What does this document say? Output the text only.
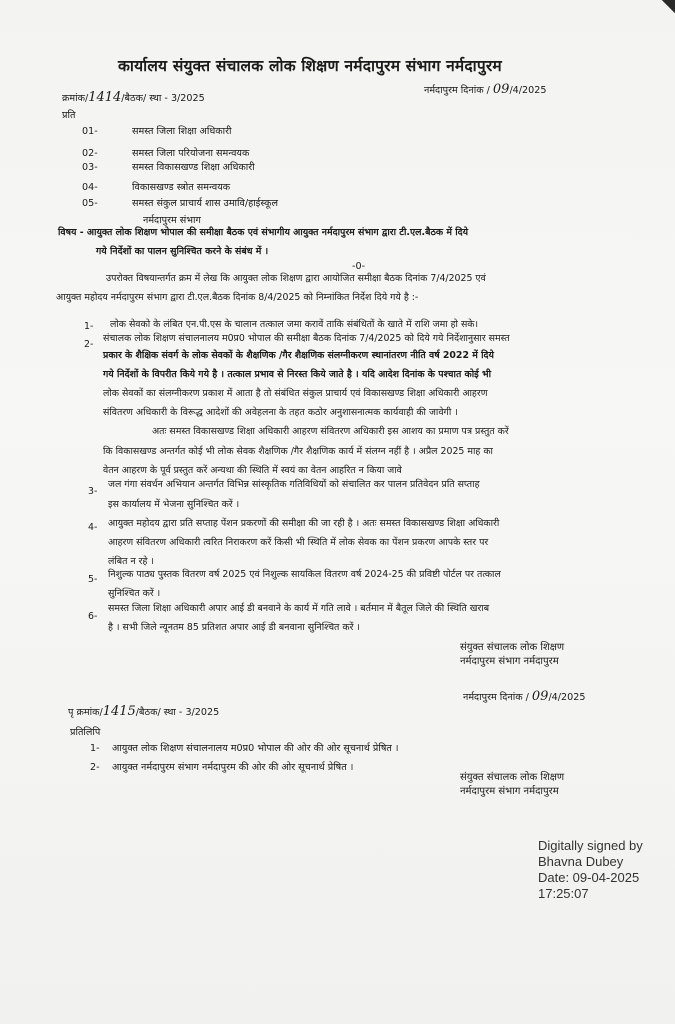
कार्यालय संयुक्त संचालक लोक शिक्षण नर्मदापुरम संभाग नर्मदापुरम
क्रमांक/1414/बैठक/ स्था - 3/2025
नर्मदापुरम दिनांक / 09/4/2025
प्रति
01-	समस्त जिला शिक्षा अधिकारी
02-	समस्त जिला परियोजना समन्वयक
03-	समस्त विकासखण्ड शिक्षा अधिकारी
04-	विकासखण्ड स्त्रोत समन्वयक
05-	समस्त संकुल प्राचार्य शास उमावि/हाईस्कूल
नर्मदापुरम संभाग
विषय - आयुक्त लोक शिक्षण भोपाल की समीक्षा बैठक एवं संभागीय आयुक्त नर्मदापुरम संभाग द्वारा टी.एल.बैठक में दिये
गये निर्देशों का पालन सुनिश्चित करने के संबंध में ।
-0-
उपरोक्त विषयान्तर्गत क्रम में लेख कि आयुक्त लोक शिक्षण द्वारा आयोजित समीक्षा बैठक दिनांक 7/4/2025 एवं
आयुक्त महोदय नर्मदापुरम संभाग द्वारा टी.एल.बैठक दिनांक 8/4/2025 को निम्नांकित निर्देश दिये गये है :-
1- लोक सेवको के लंबित एन.पी.एस के चालान तत्काल जमा करावें ताकि संबंधितों के खाते में राशि जमा हो सके।
2-
संचालक लोक शिक्षण संचालनालय म0प्र0 भोपाल की समीक्षा बैठक दिनांक 7/4/2025 को दिये गये निर्देशानुसार समस्त
प्रकार के शैक्षिक संवर्ग के लोक सेवकों के शैक्षणिक /गैर शैक्षणिक संलग्नीकरण स्थानांतरण नीति वर्ष 2022 में दिये
गये निर्देशों के विपरीत किये गये है । तत्काल प्रभाव से निरस्त किये जाते है । यदि आदेश दिनांक के पश्चात कोई भी
लोक सेवकों का संलग्नीकरण प्रकाश में आता है तो संबंधित संकुल प्राचार्य एवं विकासखण्ड शिक्षा अधिकारी आहरण
संवितरण अधिकारी के विरूद्ध आदेशों की अवेहलना के तहत कठोर अनुशासनात्मक कार्यवाही की जावेगी ।
अतः समस्त विकासखण्ड शिक्षा अधिकारी आहरण संवितरण अधिकारी इस आशय का प्रमाण पत्र प्रस्तुत करें
कि विकासखण्ड अन्तर्गत कोई भी लोक सेवक शैक्षणिक /गैर शैक्षणिक कार्य में संलग्न नहीं है । अप्रैल 2025 माह का
वेतन आहरण के पूर्व प्रस्तुत करें अन्यथा की स्थिति में स्वयं का वेतन आहरित न किया जावे
3-
जल गंगा संवर्धन अभियान अन्तर्गत विभिन्न सांस्कृतिक गतिविधियों को संचालित कर पालन प्रतिवेदन प्रति सप्ताह
इस कार्यालय में भेजना सुनिश्चित करें ।
4- आयुक्त महोदय द्वारा प्रति सप्ताह पेंशन प्रकरणों की समीक्षा की जा रही है । अतः समस्त विकासखण्ड शिक्षा अधिकारी
आहरण संवितरण अधिकारी त्वरित निराकरण करें किसी भी स्थिति में लोक सेवक का पेंशन प्रकरण आपके स्तर पर
लंबित न रहे ।
5- निशुल्क पाठ्य पुस्तक वितरण वर्ष 2025 एवं निशुल्क सायकिल वितरण वर्ष 2024-25 की प्रविष्टी पोर्टल पर तत्काल
सुनिश्चित करें ।
6-
समस्त जिला शिक्षा अधिकारी अपार आई डी बनवाने के कार्य में गति लावे । बर्तमान में बैतूल जिले की स्थिति खराब
है । सभी जिले न्यूनतम 85 प्रतिशत अपार आई डी बनवाना सुनिश्चित करें ।
संयुक्त संचालक लोक शिक्षण
नर्मदापुरम संभाग नर्मदापुरम
नर्मदापुरम दिनांक / 09/4/2025
पृ क्रमांक/1415/बैठक/ स्था - 3/2025
प्रतिलिपि
1- आयुक्त लोक शिक्षण संचालनालय म0प्र0 भोपाल की ओर की ओर सूचनार्थ प्रेषित ।
2- आयुक्त नर्मदापुरम संभाग नर्मदापुरम की ओर की ओर सूचनार्थ प्रेषित ।
संयुक्त संचालक लोक शिक्षण
नर्मदापुरम संभाग नर्मदापुरम
Digitally signed by
Bhavna Dubey
Date: 09-04-2025
17:25:07
